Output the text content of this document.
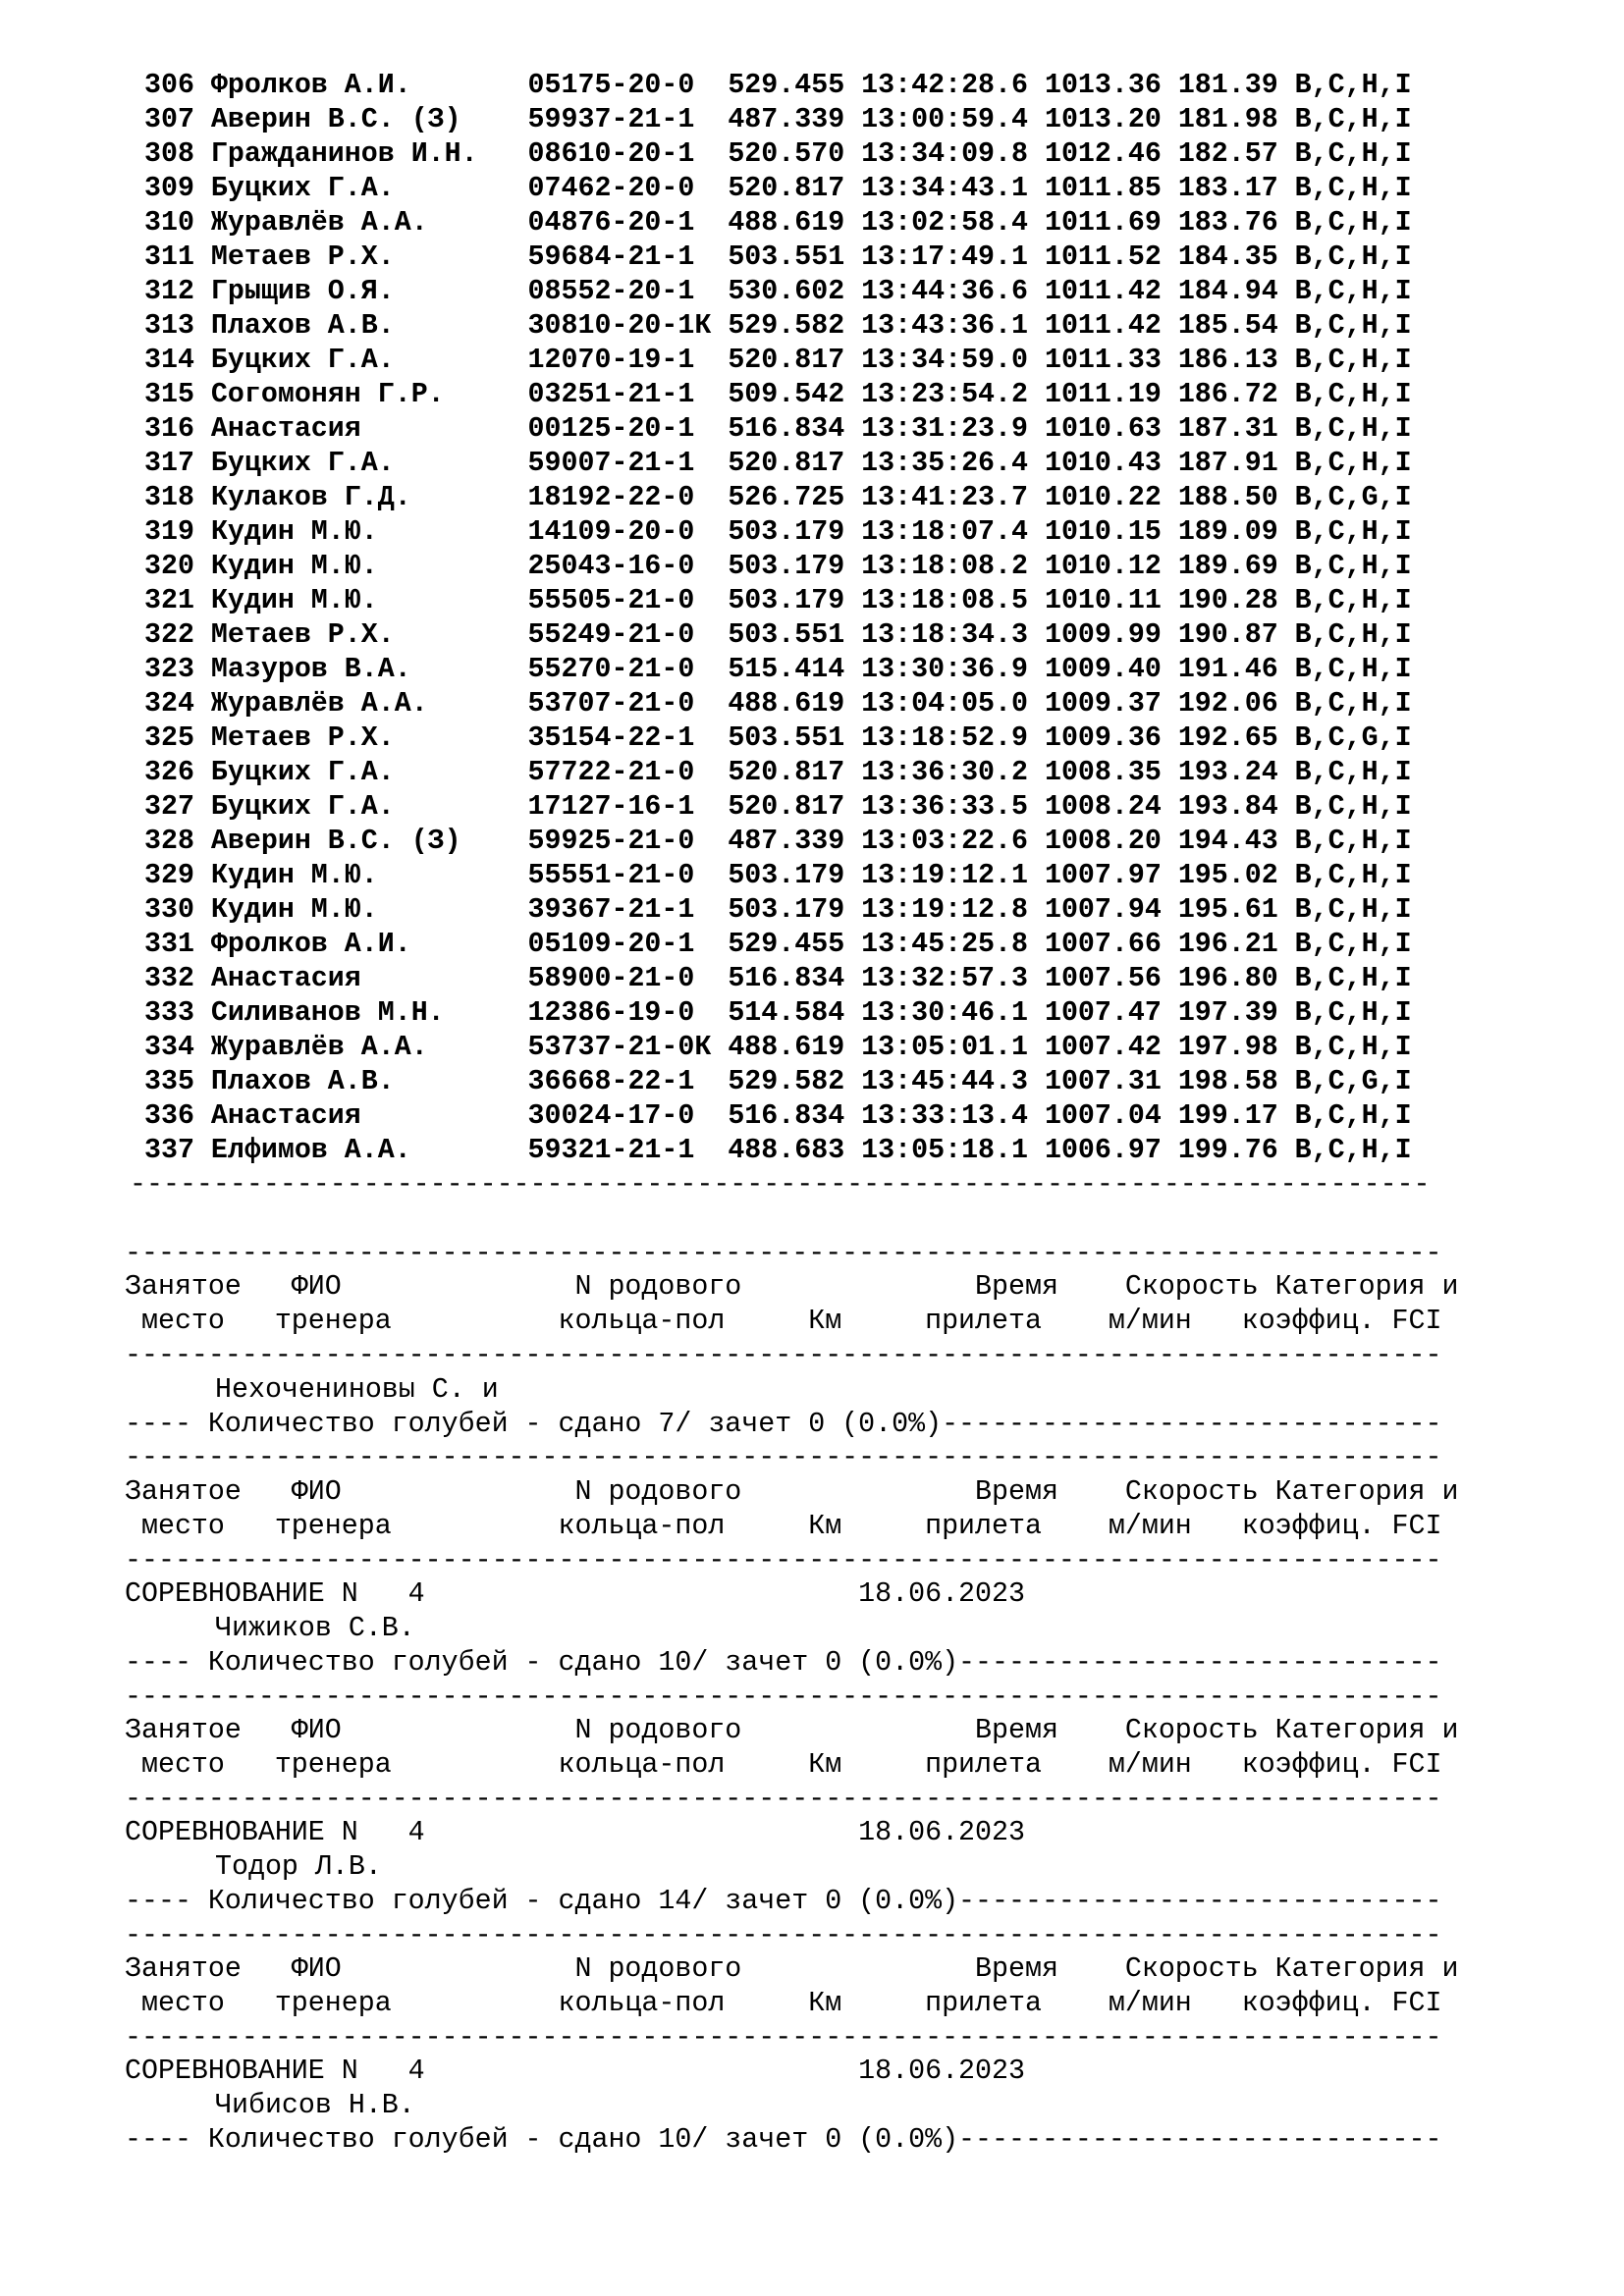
306 Фролков А.И.       05175-20-0  529.455 13:42:28.6 1013.36 181.39 B,C,H,I
307 Аверин В.С. (З)    59937-21-1  487.339 13:00:59.4 1013.20 181.98 B,C,H,I
308 Гражданинов И.Н.   08610-20-1  520.570 13:34:09.8 1012.46 182.57 B,C,H,I
309 Буцких Г.А.        07462-20-0  520.817 13:34:43.1 1011.85 183.17 B,C,H,I
310 Журавлёв А.А.      04876-20-1  488.619 13:02:58.4 1011.69 183.76 B,C,H,I
311 Метаев Р.Х.        59684-21-1  503.551 13:17:49.1 1011.52 184.35 B,C,H,I
312 Грыщив О.Я.        08552-20-1  530.602 13:44:36.6 1011.42 184.94 B,C,H,I
313 Плахов А.В.        30810-20-1К 529.582 13:43:36.1 1011.42 185.54 B,C,H,I
314 Буцких Г.А.        12070-19-1  520.817 13:34:59.0 1011.33 186.13 B,C,H,I
315 Согомонян Г.Р.     03251-21-1  509.542 13:23:54.2 1011.19 186.72 B,C,H,I
316 Анастасия          00125-20-1  516.834 13:31:23.9 1010.63 187.31 B,C,H,I
317 Буцких Г.А.        59007-21-1  520.817 13:35:26.4 1010.43 187.91 B,C,H,I
318 Кулаков Г.Д.       18192-22-0  526.725 13:41:23.7 1010.22 188.50 B,C,G,I
319 Кудин М.Ю.         14109-20-0  503.179 13:18:07.4 1010.15 189.09 B,C,H,I
320 Кудин М.Ю.         25043-16-0  503.179 13:18:08.2 1010.12 189.69 B,C,H,I
321 Кудин М.Ю.         55505-21-0  503.179 13:18:08.5 1010.11 190.28 B,C,H,I
322 Метаев Р.Х.        55249-21-0  503.551 13:18:34.3 1009.99 190.87 B,C,H,I
323 Мазуров В.А.       55270-21-0  515.414 13:30:36.9 1009.40 191.46 B,C,H,I
324 Журавлёв А.А.      53707-21-0  488.619 13:04:05.0 1009.37 192.06 B,C,H,I
325 Метаев Р.Х.        35154-22-1  503.551 13:18:52.9 1009.36 192.65 B,C,G,I
326 Буцких Г.А.        57722-21-0  520.817 13:36:30.2 1008.35 193.24 B,C,H,I
327 Буцких Г.А.        17127-16-1  520.817 13:36:33.5 1008.24 193.84 B,C,H,I
328 Аверин В.С. (З)    59925-21-0  487.339 13:03:22.6 1008.20 194.43 B,C,H,I
329 Кудин М.Ю.         55551-21-0  503.179 13:19:12.1 1007.97 195.02 B,C,H,I
330 Кудин М.Ю.         39367-21-1  503.179 13:19:12.8 1007.94 195.61 B,C,H,I
331 Фролков А.И.       05109-20-1  529.455 13:45:25.8 1007.66 196.21 B,C,H,I
332 Анастасия          58900-21-0  516.834 13:32:57.3 1007.56 196.80 B,C,H,I
333 Силиванов М.Н.     12386-19-0  514.584 13:30:46.1 1007.47 197.39 B,C,H,I
334 Журавлёв А.А.      53737-21-0К 488.619 13:05:01.1 1007.42 197.98 B,C,H,I
335 Плахов А.В.        36668-22-1  529.582 13:45:44.3 1007.31 198.58 B,C,G,I
336 Анастасия          30024-17-0  516.834 13:33:13.4 1007.04 199.17 B,C,H,I
337 Елфимов А.А.       59321-21-1  488.683 13:05:18.1 1006.97 199.76 B,C,H,I
------------------------------------------------------------------------------
-------------------------------------------------------------------------------
Занятое   ФИО              N родового              Время    Скорость Категория и
место   тренера          кольца-пол     Км     прилета    м/мин   коэффиц. FCI
-------------------------------------------------------------------------------
Нехочениновы С. и
---- Количество голубей - сдано 7/ зачет 0 (0.0%)------------------------------
-------------------------------------------------------------------------------
Занятое   ФИО              N родового              Время    Скорость Категория и
место   тренера          кольца-пол     Км     прилета    м/мин   коэффиц. FCI
-------------------------------------------------------------------------------
СОРЕВНОВАНИЕ N   4                          18.06.2023
Чижиков С.В.
---- Количество голубей - сдано 10/ зачет 0 (0.0%)-----------------------------
-------------------------------------------------------------------------------
Занятое   ФИО              N родового              Время    Скорость Категория и
место   тренера          кольца-пол     Км     прилета    м/мин   коэффиц. FCI
-------------------------------------------------------------------------------
СОРЕВНОВАНИЕ N   4                          18.06.2023
Тодор Л.В.
---- Количество голубей - сдано 14/ зачет 0 (0.0%)-----------------------------
-------------------------------------------------------------------------------
Занятое   ФИО              N родового              Время    Скорость Категория и
место   тренера          кольца-пол     Км     прилета    м/мин   коэффиц. FCI
-------------------------------------------------------------------------------
СОРЕВНОВАНИЕ N   4                          18.06.2023
Чибисов Н.В.
---- Количество голубей - сдано 10/ зачет 0 (0.0%)-----------------------------
